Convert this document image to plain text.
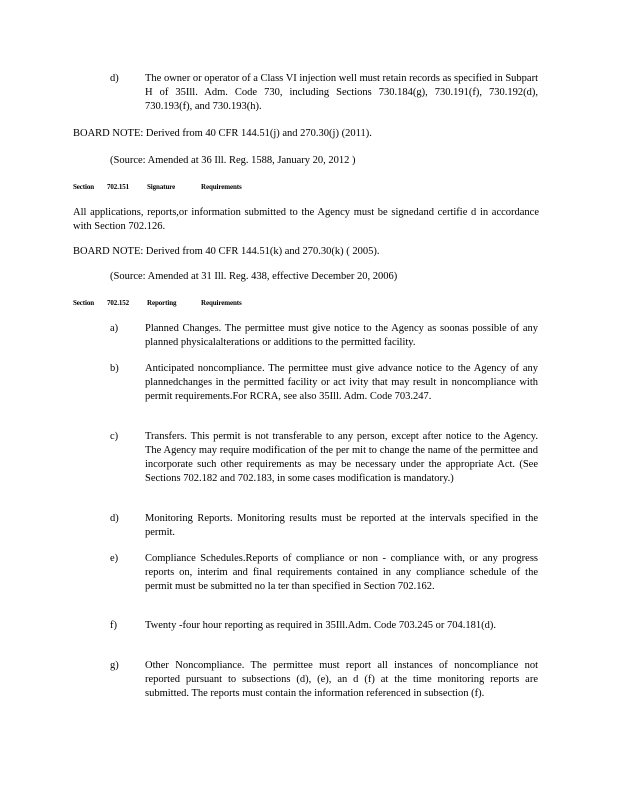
d)	The owner or operator of a Class VI injection well must retain records as specified in Subpart H of 35Ill. Adm. Code 730, including Sections 730.184(g), 730.191(f), 730.192(d), 730.193(f), and 730.193(h).
BOARD NOTE: Derived from 40 CFR 144.51(j) and 270.30(j) (2011).
(Source: Amended at 36 Ill. Reg. 1588, January 20, 2012 )
Section 702.151	Signature	Requirements
All applications, reports,or information submitted to the Agency must be signedand certifie d in accordance with Section 702.126.
BOARD NOTE: Derived from 40 CFR 144.51(k) and 270.30(k) ( 2005).
(Source: Amended at 31 Ill. Reg. 438, effective December 20, 2006)
Section 702.152	Reporting	Requirements
a)	Planned Changes. The permittee must give notice to the Agency as soonas possible of any planned physicalalterations or additions to the permitted facility.
b)	Anticipated noncompliance. The permittee must give advance notice to the Agency of any plannedchanges in the permitted facility or act ivity that may result in noncompliance with permit requirements.For RCRA, see also 35Ill. Adm. Code 703.247.
c)	Transfers. This permit is not transferable to any person, except after notice to the Agency. The Agency may require modification of the per mit to change the name of the permittee and incorporate such other requirements as may be necessary under the appropriate Act. (See Sections 702.182 and 702.183, in some cases modification is mandatory.)
d)	Monitoring Reports. Monitoring results must be reported at the intervals specified in the permit.
e)	Compliance Schedules.Reports of compliance or non - compliance with, or any progress reports on, interim and final requirements contained in any compliance schedule of the permit must be submitted no la ter than specified in Section 702.162.
f)	Twenty -four hour reporting as required in 35Ill.Adm. Code 703.245 or 704.181(d).
g)	Other Noncompliance. The permittee must report all instances of noncompliance not reported pursuant to subsections (d), (e), an d (f) at the time monitoring reports are submitted. The reports must contain the information referenced in subsection (f).
